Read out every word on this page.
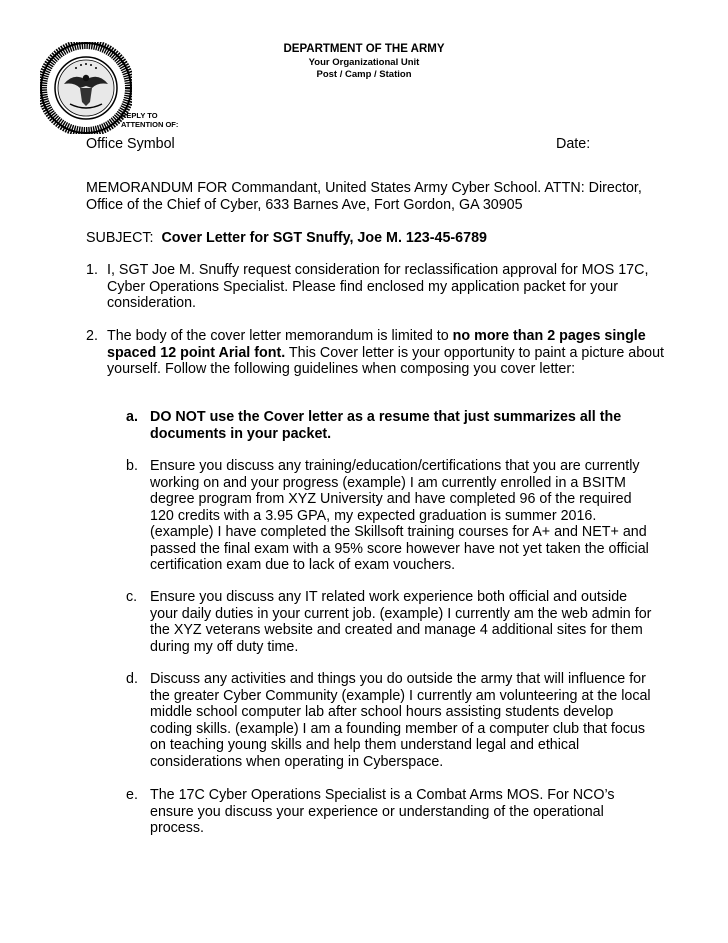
DEPARTMENT OF THE ARMY
Your Organizational Unit
Post / Camp / Station
REPLY TO
ATTENTION OF:
Office Symbol	Date:
MEMORANDUM FOR Commandant, United States Army Cyber School. ATTN: Director, Office of the Chief of Cyber, 633 Barnes Ave, Fort Gordon, GA 30905
SUBJECT: Cover Letter for SGT Snuffy, Joe M. 123-45-6789
1. I, SGT Joe M. Snuffy request consideration for reclassification approval for MOS 17C, Cyber Operations Specialist. Please find enclosed my application packet for your consideration.
2. The body of the cover letter memorandum is limited to no more than 2 pages single spaced 12 point Arial font. This Cover letter is your opportunity to paint a picture about yourself. Follow the following guidelines when composing you cover letter:
a. DO NOT use the Cover letter as a resume that just summarizes all the documents in your packet.
b. Ensure you discuss any training/education/certifications that you are currently working on and your progress (example) I am currently enrolled in a BSITM degree program from XYZ University and have completed 96 of the required 120 credits with a 3.95 GPA, my expected graduation is summer 2016. (example) I have completed the Skillsoft training courses for A+ and NET+ and passed the final exam with a 95% score however have not yet taken the official certification exam due to lack of exam vouchers.
c. Ensure you discuss any IT related work experience both official and outside your daily duties in your current job. (example) I currently am the web admin for the XYZ veterans website and created and manage 4 additional sites for them during my off duty time.
d. Discuss any activities and things you do outside the army that will influence for the greater Cyber Community (example) I currently am volunteering at the local middle school computer lab after school hours assisting students develop coding skills. (example) I am a founding member of a computer club that focus on teaching young skills and help them understand legal and ethical considerations when operating in Cyberspace.
e. The 17C Cyber Operations Specialist is a Combat Arms MOS. For NCO’s ensure you discuss your experience or understanding of the operational process.
